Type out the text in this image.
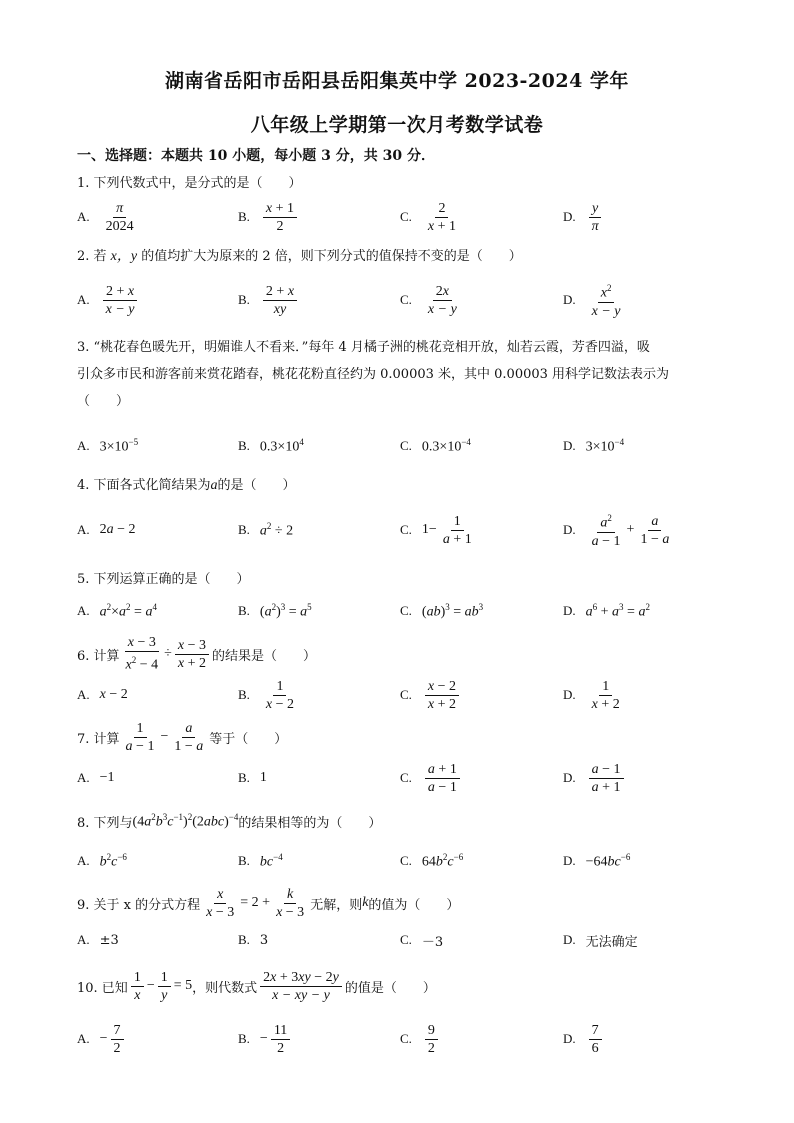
湖南省岳阳市岳阳县岳阳集英中学 2023-2024 学年
八年级上学期第一次月考数学试卷
一、选择题：本题共 10 小题，每小题 3 分，共 30 分．
1. 下列代数式中，是分式的是（　　）
A. $\frac{\pi}{2024}$	B. $\frac{x + 1}{2}$	C. $\frac{2}{x + 1}$	D. $\frac{y}{\pi}$
2. 若 x，y 的值均扩大为原来的 2 倍，则下列分式的值保持不变的是（　　）
A. $\frac{2 + x}{x - y}$	B. $\frac{2 + x}{xy}$	C. $\frac{2x}{x - y}$	D. $\frac{x^2}{x - y}$
3. “桃花春色暖先开，明媚谁人不看来．”每年 4 月橘子洲的桃花竞相开放，灿若云霞，芳香四溢，吸
引众多市民和游客前来赏花踏春，桃花花粉直径约为 0.00003 米，其中 0.00003 用科学记数法表示为
（　　）
A. $3\times 10^{-5}$	B. $0.3\times 10^4$	C. $0.3\times 10^{-4}$	D. $3\times 10^{-4}$
4. 下面各式化简结果为a的是（　　）
A. 2a − 2	B. $a^2 \div 2$	C. $1- \frac{1}{a + 1}$	D. $\frac{a^2}{a - 1} + \frac{a}{1 - a}$
5. 下列运算正确的是（　　）
A. $a^2\times a^2 = a^4$	B. $(a^2)^3 = a^5$	C. $(ab)^3 = ab^3$	D. $a^6 + a^3 = a^2$
6. 计算 $\frac{x - 3}{x^2 - 4} \div \frac{x - 3}{x + 2}$ 的结果是（　　）
A. x − 2	B. $\frac{1}{x - 2}$	C. $\frac{x - 2}{x + 2}$	D. $\frac{1}{x + 2}$
7. 计算 $\frac{1}{a - 1} - \frac{a}{1 - a}$ 等于（　　）
A. −1	B. 1	C. $\frac{a + 1}{a - 1}$	D. $\frac{a - 1}{a + 1}$
8. 下列与 $(4a^2b^3c^{-1})^2(2abc)^{-4}$ 的结果相等的为（　　）
A. $b^2c^{-6}$	B. $bc^{-4}$	C. $64b^2c^{-6}$	D. $-64bc^{-6}$
9. 关于 x 的分式方程 $\frac{x}{x - 3} = 2 + \frac{k}{x - 3}$ 无解，则 k 的值为（　　）
A. ±3	B. 3	C. －3	D. 无法确定
10. 已知 $\frac{1}{x} - \frac{1}{y} = 5$ ，则代数式 $\frac{2x + 3xy - 2y}{x - xy - y}$ 的值是（　　）
A. − $\frac{7}{2}$	B. − $\frac{11}{2}$	C. $\frac{9}{2}$	D. $\frac{7}{6}$
